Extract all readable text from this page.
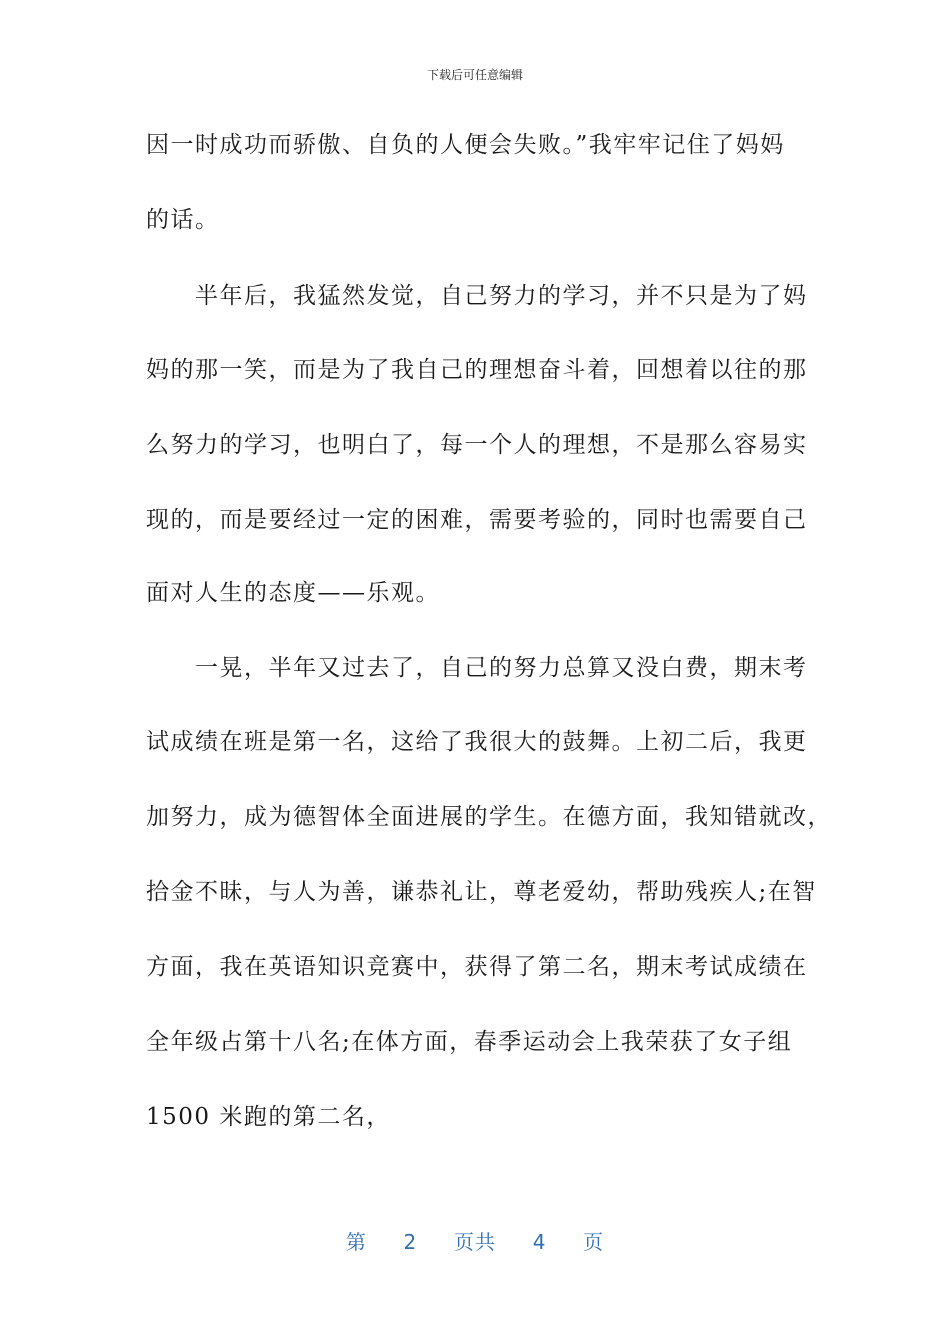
下载后可任意编辑
因一时成功而骄傲、自负的人便会失败。”我牢牢记住了妈妈
的话。
　　半年后，我猛然发觉，自己努力的学习，并不只是为了妈
妈的那一笑，而是为了我自己的理想奋斗着，回想着以往的那
么努力的学习，也明白了，每一个人的理想，不是那么容易实
现的，而是要经过一定的困难，需要考验的，同时也需要自己
面对人生的态度——乐观。
　　一晃，半年又过去了，自己的努力总算又没白费，期末考
试成绩在班是第一名，这给了我很大的鼓舞。上初二后，我更
加努力，成为德智体全面进展的学生。在德方面，我知错就改，
拾金不昧，与人为善，谦恭礼让，尊老爱幼，帮助残疾人;在智
方面，我在英语知识竞赛中，获得了第二名，期末考试成绩在
全年级占第十八名;在体方面，春季运动会上我荣获了女子组
1500 米跑的第二名，
第 2 页共 4 页
